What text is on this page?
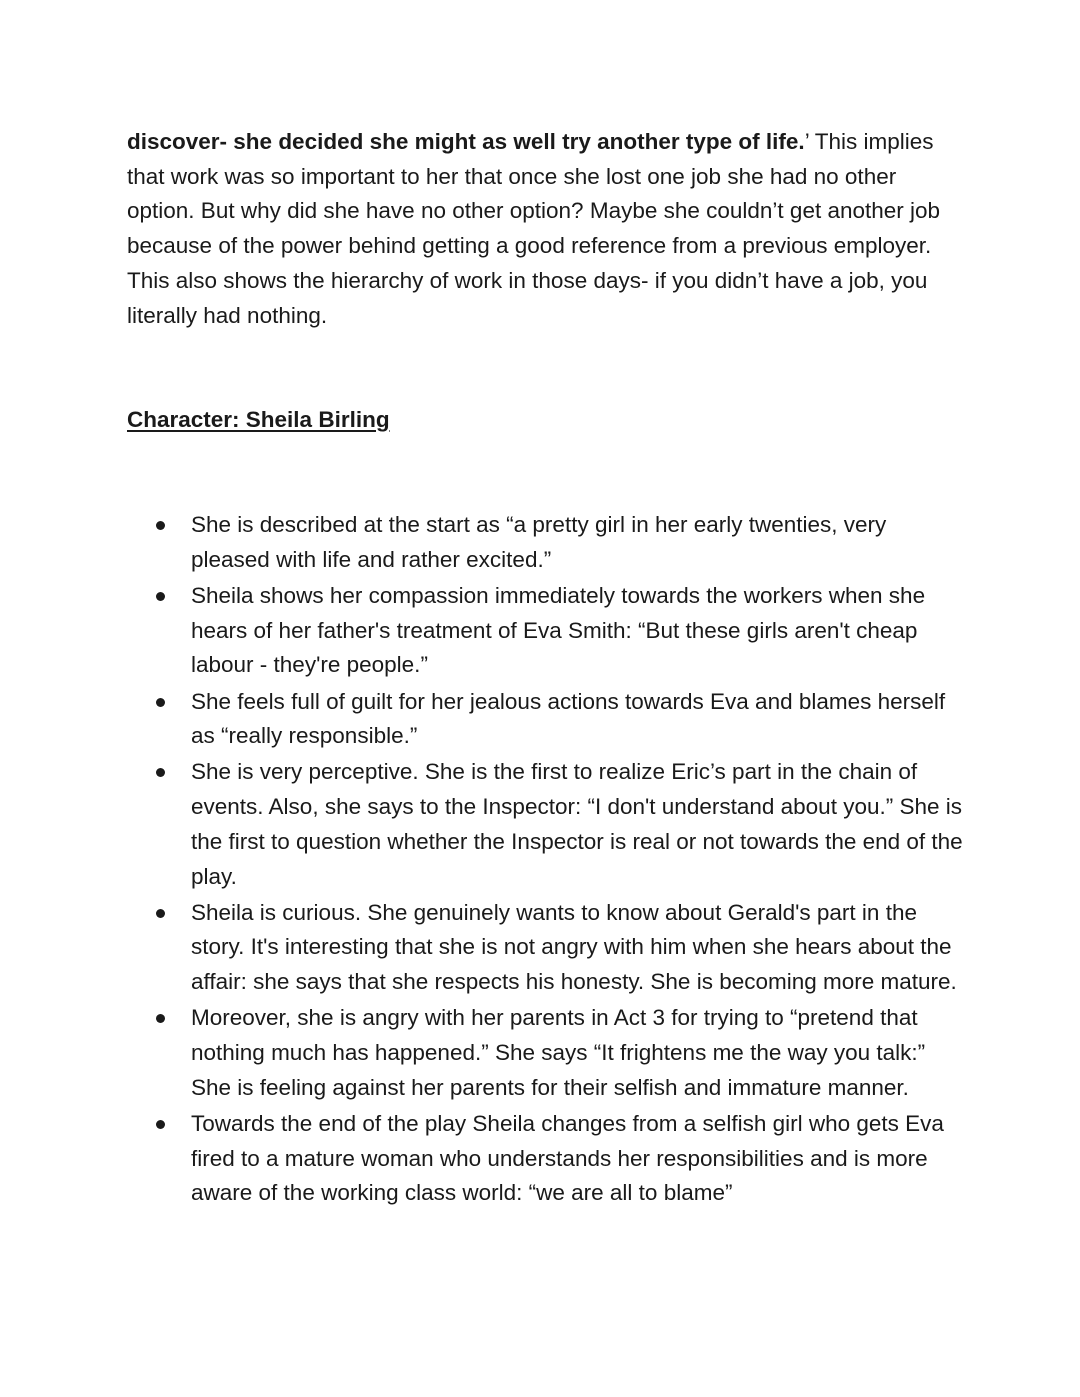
discover- she decided she might as well try another type of life.’ This implies that work was so important to her that once she lost one job she had no other option. But why did she have no other option? Maybe she couldn’t get another job because of the power behind getting a good reference from a previous employer. This also shows the hierarchy of work in those days- if you didn’t have a job, you literally had nothing.

Character: Sheila Birling
She is described at the start as “a pretty girl in her early twenties, very pleased with life and rather excited.”
Sheila shows her compassion immediately towards the workers when she hears of her father's treatment of Eva Smith: “But these girls aren't cheap labour - they're people.”
She feels full of guilt for her jealous actions towards Eva and blames herself as “really responsible.”
She is very perceptive. She is the first to realize Eric’s part in the chain of events. Also, she says to the Inspector: “I don't understand about you.” She is the first to question whether the Inspector is real or not towards the end of the play.
Sheila is curious. She genuinely wants to know about Gerald's part in the story. It's interesting that she is not angry with him when she hears about the affair: she says that she respects his honesty. She is becoming more mature.
Moreover, she is angry with her parents in Act 3 for trying to “pretend that nothing much has happened.” She says “It frightens me the way you talk:” She is feeling against her parents for their selfish and immature manner.
Towards the end of the play Sheila changes from a selfish girl who gets Eva fired to a mature woman who understands her responsibilities and is more aware of the working class world: “we are all to blame”
